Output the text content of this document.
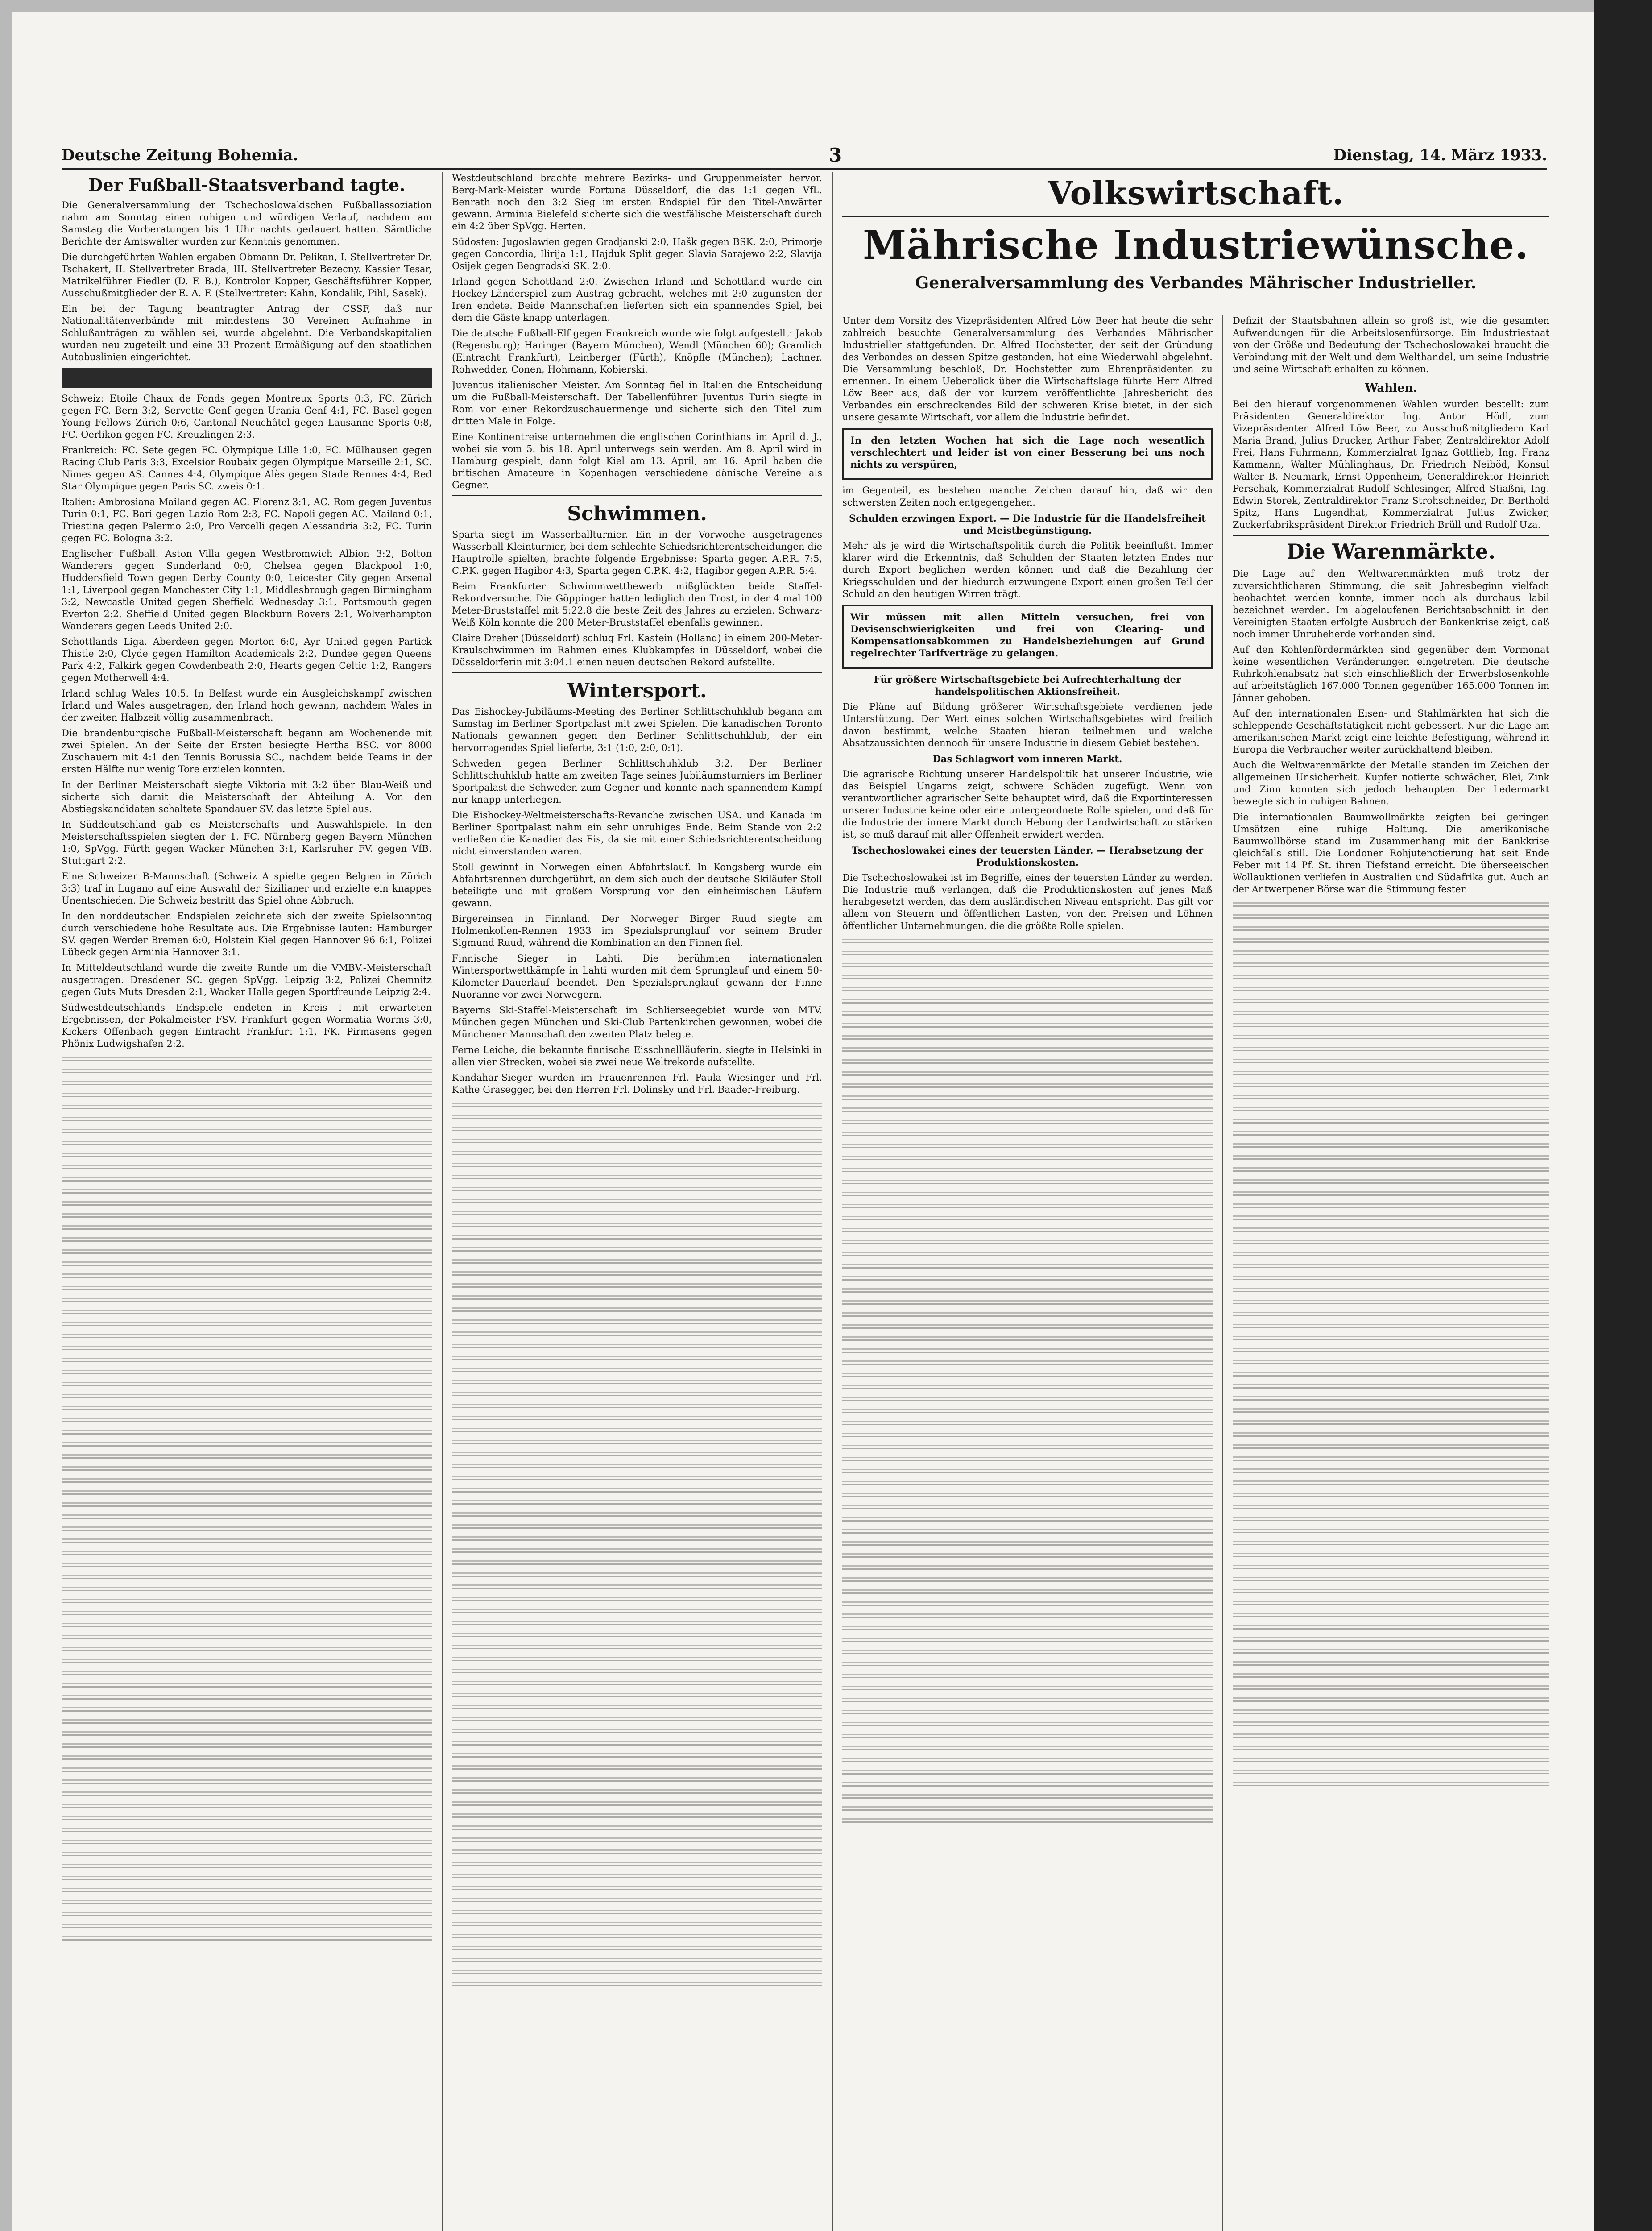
Deutsche Zeitung Bohemia.	3	Dienstag, 14. März 1933.
Der Fußball-Staatsverband tagte.

Die Generalversammlung der Tschechoslowakischen Fußballassoziation nahm am Sonntag einen ruhigen und würdigen Verlauf, nachdem am Samstag die Vorberatungen bis 1 Uhr nachts gedauert hatten. Sämtliche Berichte der Amtswalter wurden zur Kenntnis genommen.

Die durchgeführten Wahlen ergaben Obmann Dr. Pelikan, I. Stellvertreter Dr. Tschakert, II. Stellvertreter Brada, III. Stellvertreter Bezecny. Kassier Tesar, Matrikelführer Fiedler (D. F. B.), Kontrolor Kopper, Geschäftsführer Kopper, Ausschußmitglieder der E. A. F. (Stellvertreter: Kahn, Kondalik, Pihl, Sasek).

Ein bei der Tagung beantragter Antrag der CSSF, daß nur Nationalitätenverbände mit mindestens 30 Vereinen Aufnahme in Schlußanträgen zu wählen sei, wurde abgelehnt. Die Verbandskapitalien wurden neu zugeteilt und eine 33 Prozent Ermäßigung auf den staatlichen Autobuslinien eingerichtet.

Schweiz: Etoile Chaux de Fonds gegen Montreux Sports 0:3, FC. Zürich gegen FC. Bern 3:2, Servette Genf gegen Urania Genf 4:1, FC. Basel gegen Young Fellows Zürich 0:6, Cantonal Neuchâtel gegen Lausanne Sports 0:8, FC. Oerlikon gegen FC. Kreuzlingen 2:3.

Frankreich: FC. Sete gegen FC. Olympique Lille 1:0, FC. Mülhausen gegen Racing Club Paris 3:3, Excelsior Roubaix gegen Olympique Marseille 2:1, SC. Nimes gegen AS. Cannes 4:4, Olympique Alès gegen Stade Rennes 4:4, Red Star Olympique gegen Paris SC. zweis 0:1.

Italien: Ambrosiana Mailand gegen AC. Florenz 3:1, AC. Rom gegen Juventus Turin 0:1, FC. Bari gegen Lazio Rom 2:3, FC. Napoli gegen AC. Mailand 0:1, Triestina gegen Palermo 2:0, Pro Vercelli gegen Alessandria 3:2, FC. Turin gegen FC. Bologna 3:2.

Englischer Fußball. Aston Villa gegen Westbromwich Albion 3:2, Bolton Wanderers gegen Sunderland 0:0, Chelsea gegen Blackpool 1:0, Huddersfield Town gegen Derby County 0:0, Leicester City gegen Arsenal 1:1, Liverpool gegen Manchester City 1:1, Middlesbrough gegen Birmingham 3:2, Newcastle United gegen Sheffield Wednesday 3:1, Portsmouth gegen Everton 2:2, Sheffield United gegen Blackburn Rovers 2:1, Wolverhampton Wanderers gegen Leeds United 2:0.

Schottlands Liga. Aberdeen gegen Morton 6:0, Ayr United gegen Partick Thistle 2:0, Clyde gegen Hamilton Academicals 2:2, Dundee gegen Queens Park 4:2, Falkirk gegen Cowdenbeath 2:0, Hearts gegen Celtic 1:2, Rangers gegen Motherwell 4:4.

Irland schlug Wales 10:5. In Belfast wurde ein Ausgleichskampf zwischen Irland und Wales ausgetragen, den Irland hoch gewann, nachdem Wales in der zweiten Halbzeit völlig zusammenbrach.

Die brandenburgische Fußball-Meisterschaft begann am Wochenende mit zwei Spielen. An der Seite der Ersten besiegte Hertha BSC. vor 8000 Zuschauern mit 4:1 den Tennis Borussia SC., nachdem beide Teams in der ersten Hälfte nur wenig Tore erzielen konnten.

In der Berliner Meisterschaft siegte Viktoria mit 3:2 über Blau-Weiß und sicherte sich damit die Meisterschaft der Abteilung A. Von den Abstiegskandidaten schaltete Spandauer SV. das letzte Spiel aus.

In Süddeutschland gab es Meisterschafts- und Auswahlspiele. In den Meisterschaftsspielen siegten der 1. FC. Nürnberg gegen Bayern München 1:0, SpVgg. Fürth gegen Wacker München 3:1, Karlsruher FV. gegen VfB. Stuttgart 2:2.

Eine Schweizer B-Mannschaft (Schweiz A spielte gegen Belgien in Zürich 3:3) traf in Lugano auf eine Auswahl der Sizilianer und erzielte ein knappes Unentschieden. Die Schweiz bestritt das Spiel ohne Abbruch.

In den norddeutschen Endspielen zeichnete sich der zweite Spielsonntag durch verschiedene hohe Resultate aus. Die Ergebnisse lauten: Hamburger SV. gegen Werder Bremen 6:0, Holstein Kiel gegen Hannover 96 6:1, Polizei Lübeck gegen Arminia Hannover 3:1.

In Mitteldeutschland wurde die zweite Runde um die VMBV.-Meisterschaft ausgetragen. Dresdener SC. gegen SpVgg. Leipzig 3:2, Polizei Chemnitz gegen Guts Muts Dresden 2:1, Wacker Halle gegen Sportfreunde Leipzig 2:4.

Südwestdeutschlands Endspiele endeten in Kreis I mit erwarteten Ergebnissen, der Pokalmeister FSV. Frankfurt gegen Wormatia Worms 3:0, Kickers Offenbach gegen Eintracht Frankfurt 1:1, FK. Pirmasens gegen Phönix Ludwigshafen 2:2.

Westdeutschland brachte mehrere Bezirks- und Gruppenmeister hervor. Berg-Mark-Meister wurde Fortuna Düsseldorf, die das 1:1 gegen VfL. Benrath noch den 3:2 Sieg im ersten Endspiel für den Titel-Anwärter gewann. Arminia Bielefeld sicherte sich die westfälische Meisterschaft durch ein 4:2 über SpVgg. Herten.

Südosten: Jugoslawien gegen Gradjanski 2:0, Hašk gegen BSK. 2:0, Primorje gegen Concordia, Ilirija 1:1, Hajduk Split gegen Slavia Sarajewo 2:2, Slavija Osijek gegen Beogradski SK. 2:0.

Irland gegen Schottland 2:0. Zwischen Irland und Schottland wurde ein Hockey-Länderspiel zum Austrag gebracht, welches mit 2:0 zugunsten der Iren endete. Beide Mannschaften lieferten sich ein spannendes Spiel, bei dem die Gäste knapp unterlagen.

Die deutsche Fußball-Elf gegen Frankreich wurde wie folgt aufgestellt: Jakob (Regensburg); Haringer (Bayern München), Wendl (München 60); Gramlich (Eintracht Frankfurt), Leinberger (Fürth), Knöpfle (München); Lachner, Rohwedder, Conen, Hohmann, Kobierski.

Juventus italienischer Meister. Am Sonntag fiel in Italien die Entscheidung um die Fußball-Meisterschaft. Der Tabellenführer Juventus Turin siegte in Rom vor einer Rekordzuschauermenge und sicherte sich den Titel zum dritten Male in Folge.

Eine Kontinentreise unternehmen die englischen Corinthians im April d. J., wobei sie vom 5. bis 18. April unterwegs sein werden. Am 8. April wird in Hamburg gespielt, dann folgt Kiel am 13. April, am 16. April haben die britischen Amateure in Kopenhagen verschiedene dänische Vereine als Gegner.

Schwimmen.

Sparta siegt im Wasserballturnier. Ein in der Vorwoche ausgetragenes Wasserball-Kleinturnier, bei dem schlechte Schiedsrichterentscheidungen die Hauptrolle spielten, brachte folgende Ergebnisse: Sparta gegen A.P.R. 7:5, C.P.K. gegen Hagibor 4:3, Sparta gegen C.P.K. 4:2, Hagibor gegen A.P.R. 5:4.

Beim Frankfurter Schwimmwettbewerb mißglückten beide Staffel-Rekordversuche. Die Göppinger hatten lediglich den Trost, in der 4 mal 100 Meter-Bruststaffel mit 5:22.8 die beste Zeit des Jahres zu erzielen. Schwarz-Weiß Köln konnte die 200 Meter-Bruststaffel ebenfalls gewinnen.

Claire Dreher (Düsseldorf) schlug Frl. Kastein (Holland) in einem 200-Meter-Kraulschwimmen im Rahmen eines Klubkampfes in Düsseldorf, wobei die Düsseldorferin mit 3:04.1 einen neuen deutschen Rekord aufstellte.

Wintersport.

Das Eishockey-Jubiläums-Meeting des Berliner Schlittschuhklub begann am Samstag im Berliner Sportpalast mit zwei Spielen. Die kanadischen Toronto Nationals gewannen gegen den Berliner Schlittschuhklub, der ein hervorragendes Spiel lieferte, 3:1 (1:0, 2:0, 0:1).

Schweden gegen Berliner Schlittschuhklub 3:2. Der Berliner Schlittschuhklub hatte am zweiten Tage seines Jubiläumsturniers im Berliner Sportpalast die Schweden zum Gegner und konnte nach spannendem Kampf nur knapp unterliegen.

Die Eishockey-Weltmeisterschafts-Revanche zwischen USA. und Kanada im Berliner Sportpalast nahm ein sehr unruhiges Ende. Beim Stande von 2:2 verließen die Kanadier das Eis, da sie mit einer Schiedsrichterentscheidung nicht einverstanden waren.

Stoll gewinnt in Norwegen einen Abfahrtslauf. In Kongsberg wurde ein Abfahrtsrennen durchgeführt, an dem sich auch der deutsche Skiläufer Stoll beteiligte und mit großem Vorsprung vor den einheimischen Läufern gewann.

Birgereinsen in Finnland. Der Norweger Birger Ruud siegte am Holmenkollen-Rennen 1933 im Spezialsprunglauf vor seinem Bruder Sigmund Ruud, während die Kombination an den Finnen fiel.

Finnische Sieger in Lahti. Die berühmten internationalen Wintersportwettkämpfe in Lahti wurden mit dem Sprunglauf und einem 50-Kilometer-Dauerlauf beendet. Den Spezialsprunglauf gewann der Finne Nuoranne vor zwei Norwegern.

Bayerns Ski-Staffel-Meisterschaft im Schlierseegebiet wurde von MTV. München gegen München und Ski-Club Partenkirchen gewonnen, wobei die Münchener Mannschaft den zweiten Platz belegte.

Ferne Leiche, die bekannte finnische Eisschnellläuferin, siegte in Helsinki in allen vier Strecken, wobei sie zwei neue Weltrekorde aufstellte.

Kandahar-Sieger wurden im Frauenrennen Frl. Paula Wiesinger und Frl. Kathe Grasegger, bei den Herren Frl. Dolinsky und Frl. Baader-Freiburg.

Volkswirtschaft.
Mährische Industriewünsche.
Generalversammlung des Verbandes Mährischer Industrieller.

Unter dem Vorsitz des Vizepräsidenten Alfred Löw Beer hat heute die sehr zahlreich besuchte Generalversammlung des Verbandes Mährischer Industrieller stattgefunden. Dr. Alfred Hochstetter, der seit der Gründung des Verbandes an dessen Spitze gestanden, hat eine Wiederwahl abgelehnt. Die Versammlung beschloß, Dr. Hochstetter zum Ehrenpräsidenten zu ernennen. In einem Ueberblick über die Wirtschaftslage führte Herr Alfred Löw Beer aus, daß der vor kurzem veröffentlichte Jahresbericht des Verbandes ein erschreckendes Bild der schweren Krise bietet, in der sich unsere gesamte Wirtschaft, vor allem die Industrie befindet.

In den letzten Wochen hat sich die Lage noch wesentlich verschlechtert und leider ist von einer Besserung bei uns noch nichts zu verspüren,

im Gegenteil, es bestehen manche Zeichen darauf hin, daß wir den schwersten Zeiten noch entgegengehen.

Schulden erzwingen Export. — Die Industrie für die Handelsfreiheit und Meistbegünstigung.

Mehr als je wird die Wirtschaftspolitik durch die Politik beeinflußt. Immer klarer wird die Erkenntnis, daß Schulden der Staaten letzten Endes nur durch Export beglichen werden können und daß die Bezahlung der Kriegsschulden und der hiedurch erzwungene Export einen großen Teil der Schuld an den heutigen Wirren trägt.

Wir müssen mit allen Mitteln versuchen, frei von Devisenschwierigkeiten und frei von Clearing- und Kompensationsabkommen zu Handelsbeziehungen auf Grund regelrechter Tarifverträge zu gelangen.

Für größere Wirtschaftsgebiete bei Aufrechterhaltung der handelspolitischen Aktionsfreiheit.

Die Pläne auf Bildung größerer Wirtschaftsgebiete verdienen jede Unterstützung. Der Wert eines solchen Wirtschaftsgebietes wird freilich davon bestimmt, welche Staaten hieran teilnehmen und welche Absatzaussichten dennoch für unsere Industrie in diesem Gebiet bestehen.

Das Schlagwort vom inneren Markt.

Die agrarische Richtung unserer Handelspolitik hat unserer Industrie, wie das Beispiel Ungarns zeigt, schwere Schäden zugefügt. Wenn von verantwortlicher agrarischer Seite behauptet wird, daß die Exportinteressen unserer Industrie keine oder eine untergeordnete Rolle spielen, und daß für die Industrie der innere Markt durch Hebung der Landwirtschaft zu stärken ist, so muß darauf mit aller Offenheit erwidert werden.

Tschechoslowakei eines der teuersten Länder. — Herabsetzung der Produktionskosten.

Die Tschechoslowakei ist im Begriffe, eines der teuersten Länder zu werden. Die Industrie muß verlangen, daß die Produktionskosten auf jenes Maß herabgesetzt werden, das dem ausländischen Niveau entspricht. Das gilt vor allem von Steuern und öffentlichen Lasten, von den Preisen und Löhnen öffentlicher Unternehmungen, die die größte Rolle spielen.

Defizit der Staatsbahnen allein so groß ist, wie die gesamten Aufwendungen für die Arbeitslosenfürsorge. Ein Industriestaat von der Größe und Bedeutung der Tschechoslowakei braucht die Verbindung mit der Welt und dem Welthandel, um seine Industrie und seine Wirtschaft erhalten zu können.

Wahlen.

Bei den hierauf vorgenommenen Wahlen wurden bestellt: zum Präsidenten Generaldirektor Ing. Anton Hödl, zum Vizepräsidenten Alfred Löw Beer, zu Ausschußmitgliedern Karl Maria Brand, Julius Drucker, Arthur Faber, Zentraldirektor Adolf Frei, Hans Fuhrmann, Kommerzialrat Ignaz Gottlieb, Ing. Franz Kammann, Walter Mühlinghaus, Dr. Friedrich Neiböd, Konsul Walter B. Neumark, Ernst Oppenheim, Generaldirektor Heinrich Perschak, Kommerzialrat Rudolf Schlesinger, Alfred Stiaßni, Ing. Edwin Storek, Zentraldirektor Franz Strohschneider, Dr. Berthold Spitz, Hans Lugendhat, Kommerzialrat Julius Zwicker, Zuckerfabrikspräsident Direktor Friedrich Brüll und Rudolf Uza.

Die Warenmärkte.

Die Lage auf den Weltwarenmärkten muß trotz der zuversichtlicheren Stimmung, die seit Jahresbeginn vielfach beobachtet werden konnte, immer noch als durchaus labil bezeichnet werden. Im abgelaufenen Berichtsabschnitt in den Vereinigten Staaten erfolgte Ausbruch der Bankenkrise zeigt, daß noch immer Unruheherde vorhanden sind.

Auf den Kohlenfördermärkten sind gegenüber dem Vormonat keine wesentlichen Veränderungen eingetreten. Die deutsche Ruhrkohlenabsatz hat sich einschließlich der Erwerbslosenkohle auf arbeitstäglich 167.000 Tonnen gegenüber 165.000 Tonnen im Jänner gehoben.

Auf den internationalen Eisen- und Stahlmärkten hat sich die schleppende Geschäftstätigkeit nicht gebessert. Nur die Lage am amerikanischen Markt zeigt eine leichte Befestigung, während in Europa die Verbraucher weiter zurückhaltend bleiben.

Auch die Weltwarenmärkte der Metalle standen im Zeichen der allgemeinen Unsicherheit. Kupfer notierte schwächer, Blei, Zink und Zinn konnten sich jedoch behaupten. Der Ledermarkt bewegte sich in ruhigen Bahnen.

Die internationalen Baumwollmärkte zeigten bei geringen Umsätzen eine ruhige Haltung. Die amerikanische Baumwollbörse stand im Zusammenhang mit der Bankkrise gleichfalls still. Die Londoner Rohjutenotierung hat seit Ende Feber mit 14 Pf. St. ihren Tiefstand erreicht. Die überseeischen Wollauktionen verliefen in Australien und Südafrika gut. Auch an der Antwerpener Börse war die Stimmung fester.
